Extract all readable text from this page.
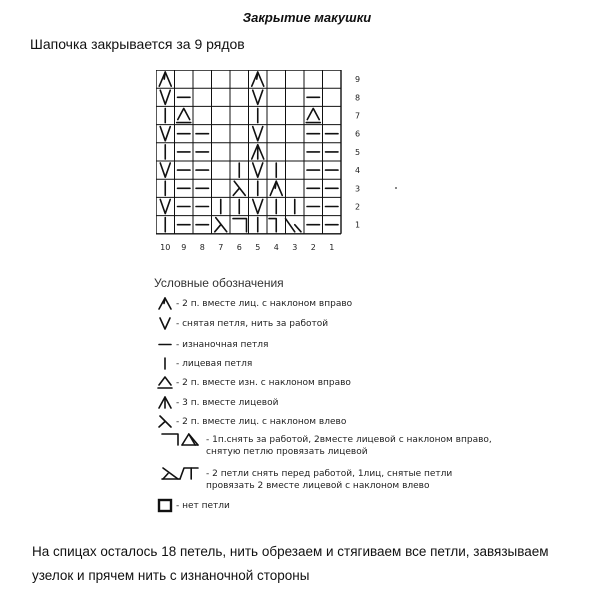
Закрытие макушки
Шапочка закрывается за 9 рядов
9
8
7
6
5
4
3
2
1
10 9 8 7 6 5 4 3 2 1
Условные обозначения
- 2 п. вместе лиц. с наклоном вправо
- снятая петля, нить за работой
- изнаночная петля
- лицевая петля
- 2 п. вместе изн. с наклоном вправо
- 3 п. вместе лицевой
- 2 п. вместе лиц. с наклоном влево
- 1п.снять за работой, 2вместе лицевой с наклоном вправо, снятую петлю провязать лицевой
- 2 петли снять перед работой, 1лиц, снятые петли провязать 2 вместе лицевой с наклоном влево
- нет петли
На спицах осталось 18 петель, нить обрезаем и стягиваем все петли, завязываем узелок и прячем нить с изнаночной стороны
